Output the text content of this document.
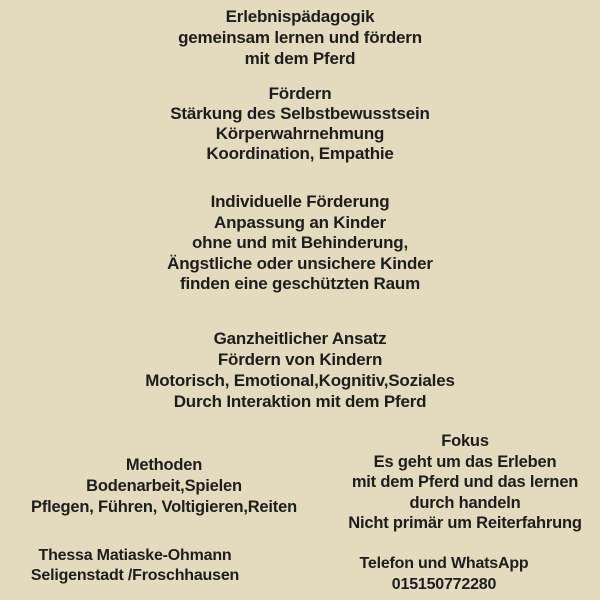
Erlebnispädagogik
gemeinsam lernen und fördern
mit dem Pferd
Fördern
Stärkung des Selbstbewusstsein
Körperwahrnehmung
Koordination, Empathie
Individuelle Förderung
Anpassung an Kinder
ohne und mit Behinderung,
Ängstliche oder unsichere Kinder
finden eine geschützten Raum
Ganzheitlicher Ansatz
Fördern von Kindern
Motorisch, Emotional,Kognitiv,Soziales
Durch Interaktion mit dem Pferd
Methoden
Bodenarbeit,Spielen
Pflegen, Führen, Voltigieren,Reiten
Fokus
Es geht um das Erleben
mit dem Pferd und das lernen
durch handeln
Nicht primär um Reiterfahrung
Thessa Matiaske-Ohmann
Seligenstadt /Froschhausen
Telefon und WhatsApp
015150772280
